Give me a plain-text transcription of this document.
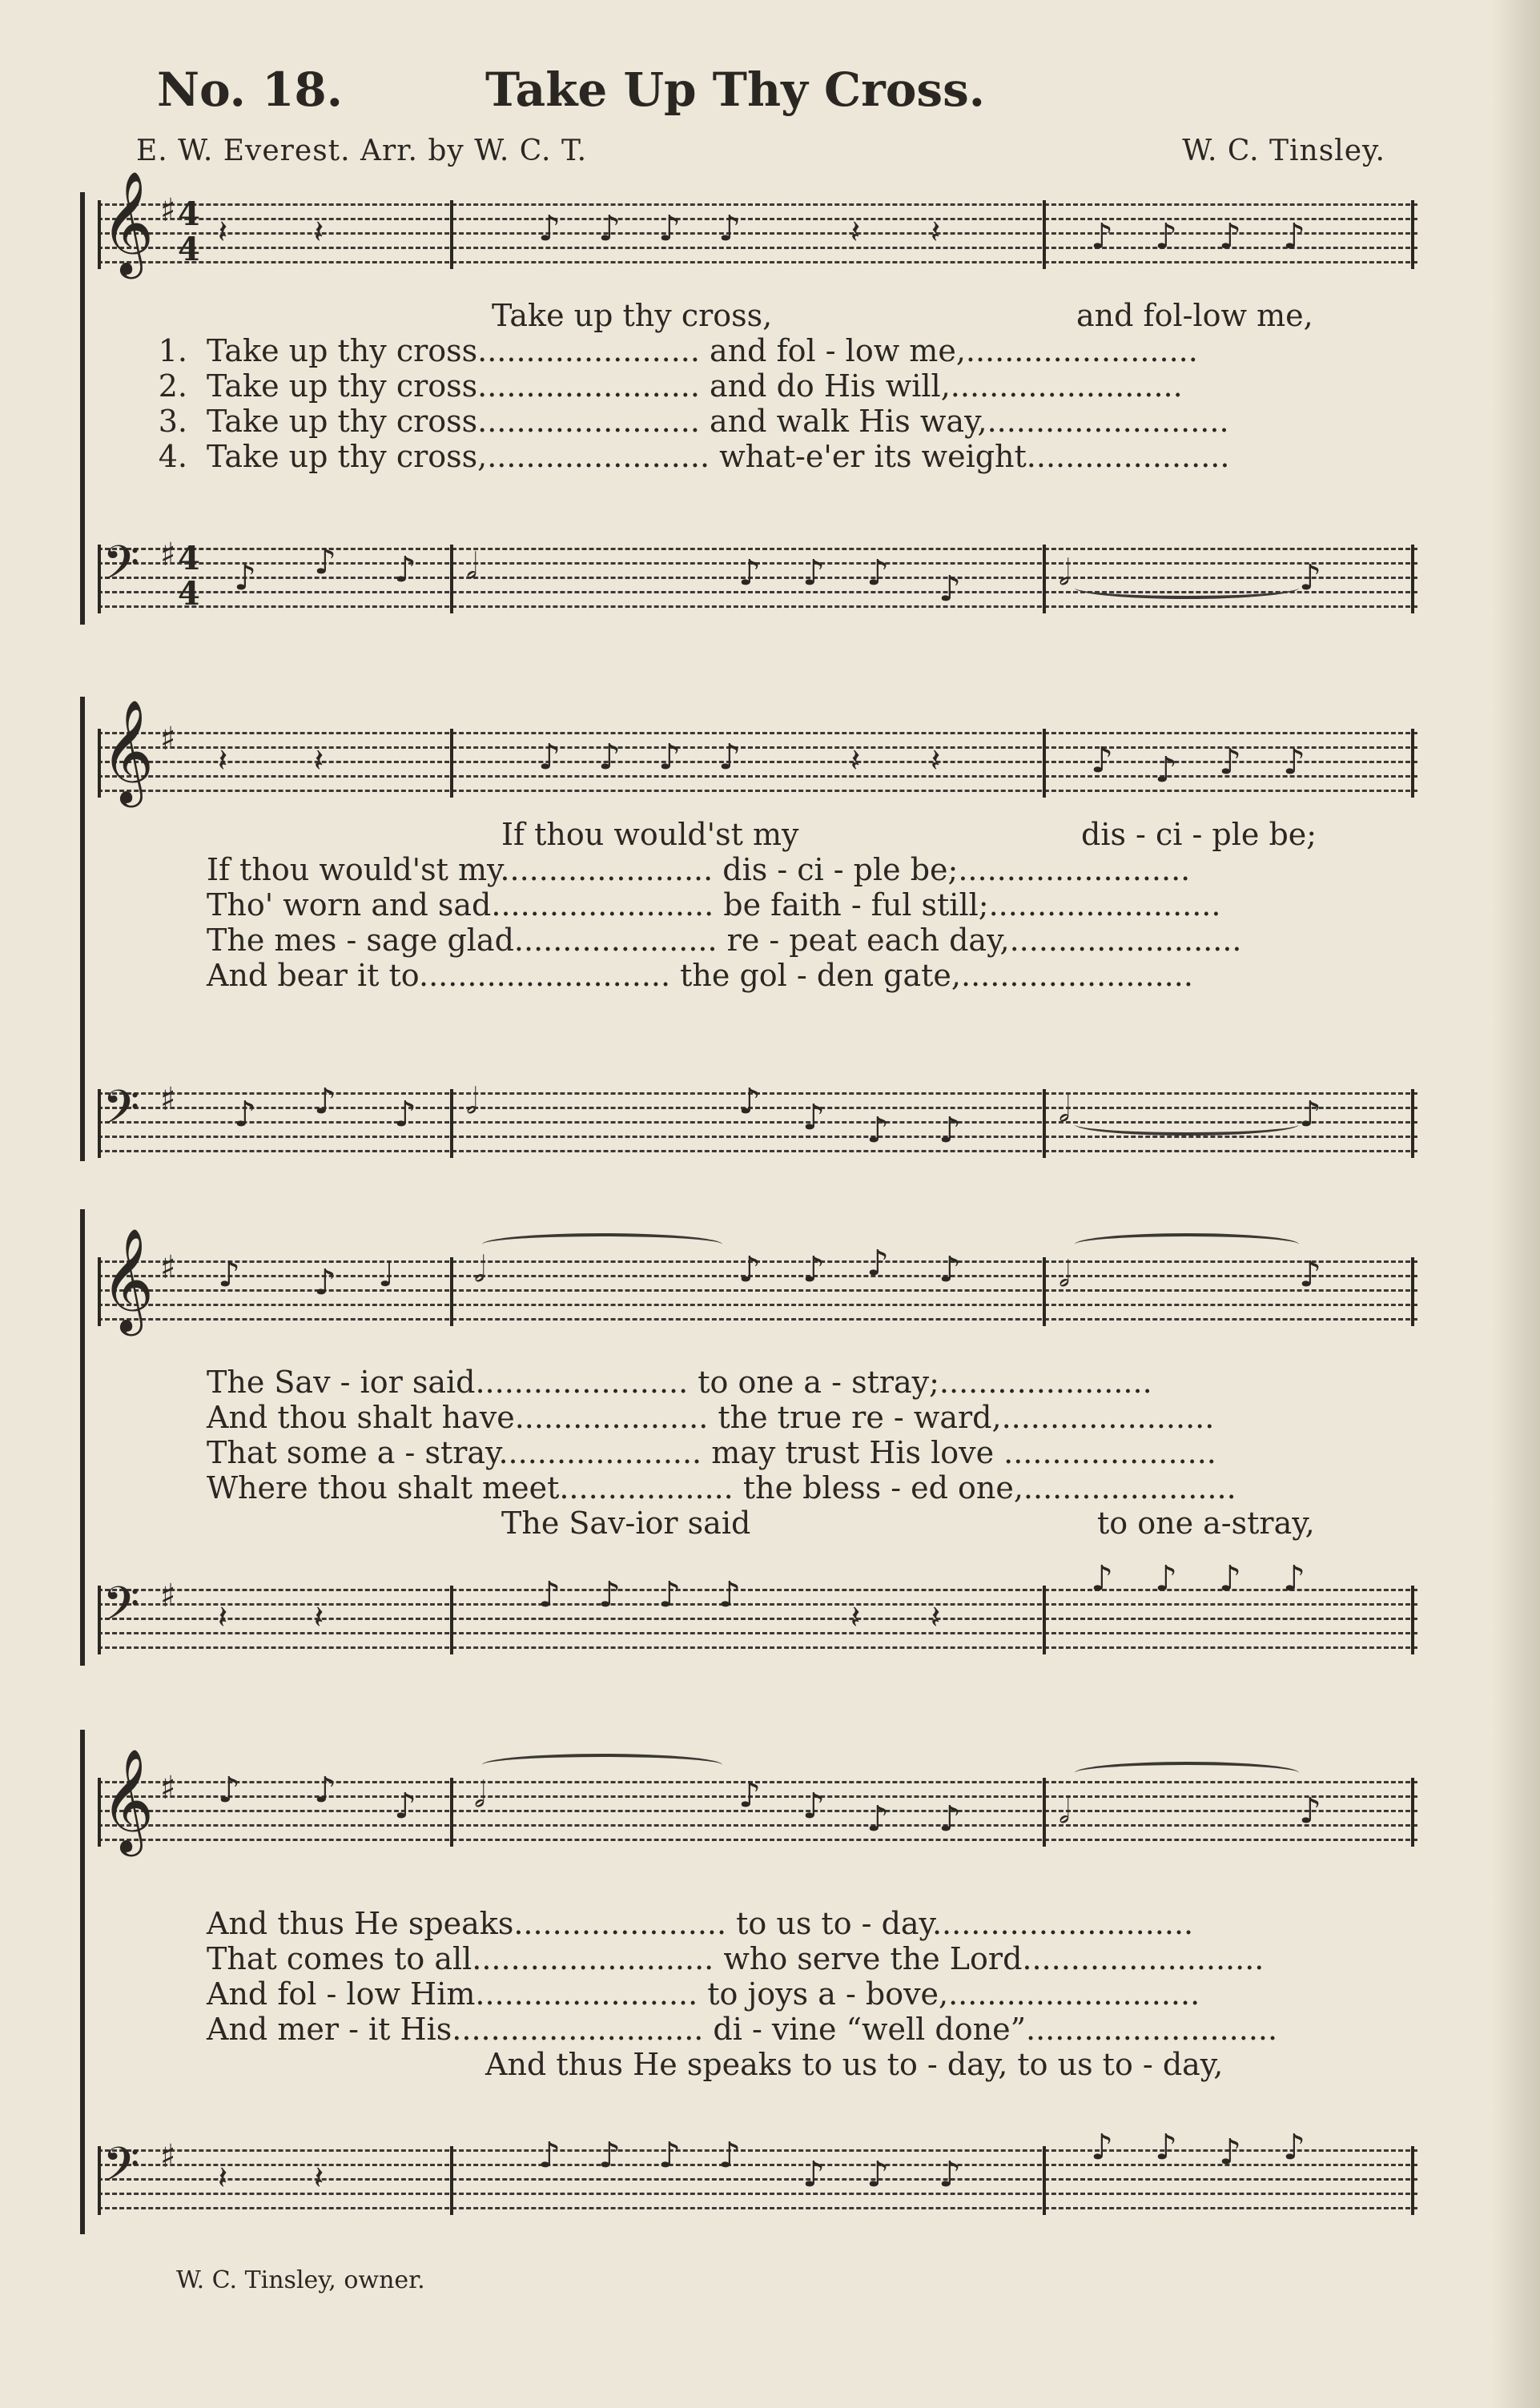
No. 18.	Take Up Thy Cross.
E. W. Everest. Arr. by W. C. T.	W. C. Tinsley.
𝄞 ♯ 4
4 𝄽	𝄽	♪ ♪ ♪ ♪	𝄽 𝄽	♪ ♪ ♪ ♪
Take up thy cross,	and fol-low me,
1. Take up thy cross....................... and fol - low me,........................
2. Take up thy cross....................... and do His will,........................
3. Take up thy cross....................... and walk His way,.........................
4. Take up thy cross,....................... what-e'er its weight.....................
𝄢 ♯ 4
4 ♪ ♪ ♪ 𝅗𝅥	♪ ♪ ♪ ♪	𝅗𝅥	♪
𝄞 ♯
𝄽	𝄽	♪ ♪ ♪ ♪	𝄽 𝄽	♪ ♪ ♪ ♪
If thou would'st my	dis - ci - ple be;
If thou would'st my...................... dis - ci - ple be;........................
Tho' worn and sad....................... be faith - ful still;........................
The mes - sage glad..................... re - peat each day,........................
And bear it to.......................... the gol - den gate,........................
𝄢 ♯ ♪ ♪ ♪ 𝅗𝅥	♪ ♪ ♪ ♪
𝅗𝅥	♪
𝄞 ♯ ♪ ♪ ♩ 𝅗𝅥	♪ ♪ ♪ ♪	𝅗𝅥	♪
The Sav - ior said...................... to one a - stray;......................
And thou shalt have.................... the true re - ward,......................
That some a - stray..................... may trust His love ......................
Where thou shalt meet.................. the bless - ed one,......................
The Sav-ior said	to one a-stray,
𝄢 ♯
𝄽	𝄽
♪ ♪ ♪ ♪
𝄽 𝄽
♪ ♪ ♪ ♪
𝄞 ♯ ♪ ♪ ♪ 𝅗𝅥	♪ ♪ ♪ ♪	𝅗𝅥	♪
And thus He speaks...................... to us to - day...........................
That comes to all......................... who serve the Lord.........................
And fol - low Him....................... to joys a - bove,..........................
And mer - it His.......................... di - vine “well done”..........................
And thus He speaks to us to - day, to us to - day,
𝄢 ♯
𝄽	𝄽
♪ ♪ ♪ ♪ ♪ ♪ ♪
♪ ♪ ♪ ♪
W. C. Tinsley, owner.
